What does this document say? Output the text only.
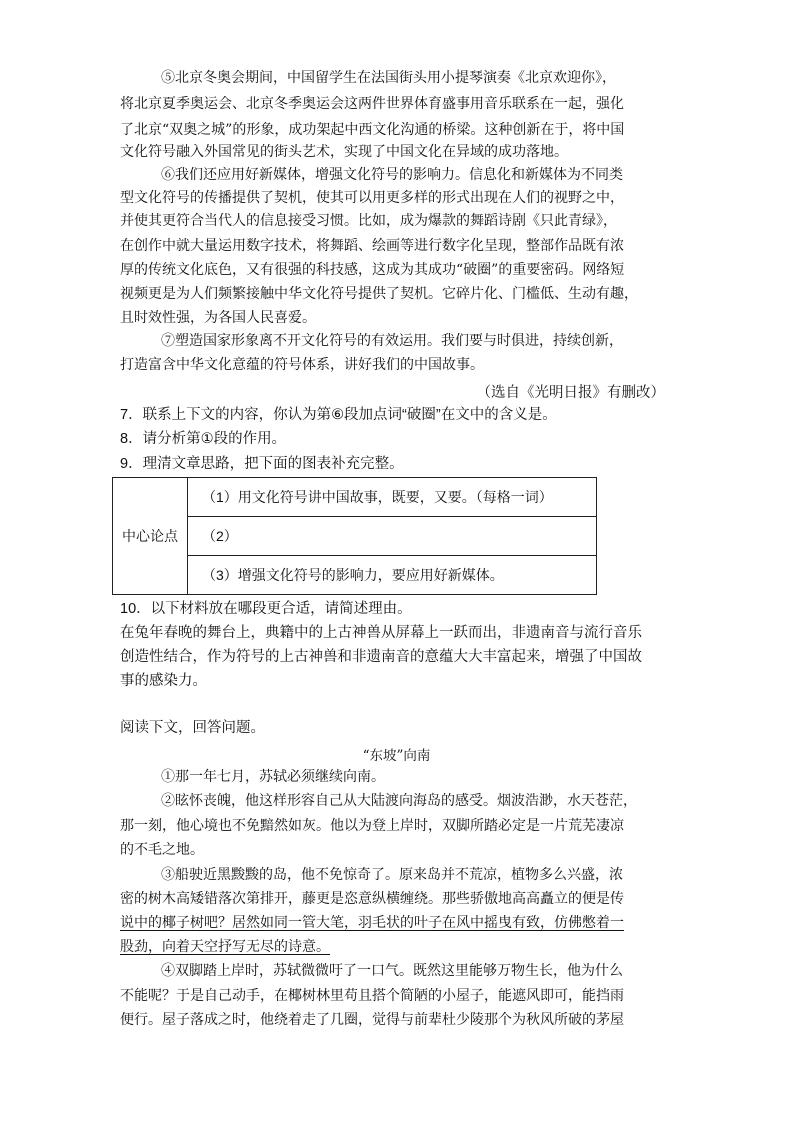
⑤北京冬奥会期间，中国留学生在法国街头用小提琴演奏《北京欢迎你》，
将北京夏季奥运会、北京冬季奥运会这两件世界体育盛事用音乐联系在一起，强化
了北京“双奥之城”的形象，成功架起中西文化沟通的桥梁。这种创新在于，将中国
文化符号融入外国常见的街头艺术，实现了中国文化在异域的成功落地。
⑥我们还应用好新媒体，增强文化符号的影响力。信息化和新媒体为不同类
型文化符号的传播提供了契机，使其可以用更多样的形式出现在人们的视野之中，
并使其更符合当代人的信息接受习惯。比如，成为爆款的舞蹈诗剧《只此青绿》，
在创作中就大量运用数字技术，将舞蹈、绘画等进行数字化呈现，整部作品既有浓
厚的传统文化底色，又有很强的科技感，这成为其成功“破圈”的重要密码。网络短
视频更是为人们频繁接触中华文化符号提供了契机。它碎片化、门槛低、生动有趣，
且时效性强，为各国人民喜爱。
⑦塑造国家形象离不开文化符号的有效运用。我们要与时俱进，持续创新，
打造富含中华文化意蕴的符号体系，讲好我们的中国故事。
（选自《光明日报》有删改）
7．联系上下文的内容，你认为第⑥段加点词“破圈”在文中的含义是。
8．请分析第①段的作用。
9．理清文章思路，把下面的图表补充完整。
中心论点	（1）用文化符号讲中国故事，既要，又要。（每格一词）
（2）
（3）增强文化符号的影响力，要应用好新媒体。
10．以下材料放在哪段更合适，请简述理由。
在兔年春晚的舞台上，典籍中的上古神兽从屏幕上一跃而出，非遗南音与流行音乐
创造性结合，作为符号的上古神兽和非遗南音的意蕴大大丰富起来，增强了中国故
事的感染力。
阅读下文，回答问题。
“东坡”向南
①那一年七月，苏轼必须继续向南。
②眩怀丧魄，他这样形容自己从大陆渡向海岛的感受。烟波浩渺，水天苍茫，
那一刻，他心境也不免黯然如灰。他以为登上岸时，双脚所踏必定是一片荒芜凄凉
的不毛之地。
③船驶近黑黢黢的岛，他不免惊奇了。原来岛并不荒凉，植物多么兴盛，浓
密的树木高矮错落次第排开，藤更是恣意纵横缠绕。那些骄傲地高高矗立的便是传
说中的椰子树吧？居然如同一管大笔，羽毛状的叶子在风中摇曳有致，仿佛憋着一
股劲，向着天空抒写无尽的诗意。
④双脚踏上岸时，苏轼微微吁了一口气。既然这里能够万物生长，他为什么
不能呢？于是自己动手，在椰树林里苟且搭个简陋的小屋子，能遮风即可，能挡雨
便行。屋子落成之时，他绕着走了几圈，觉得与前辈杜少陵那个为秋风所破的茅屋
